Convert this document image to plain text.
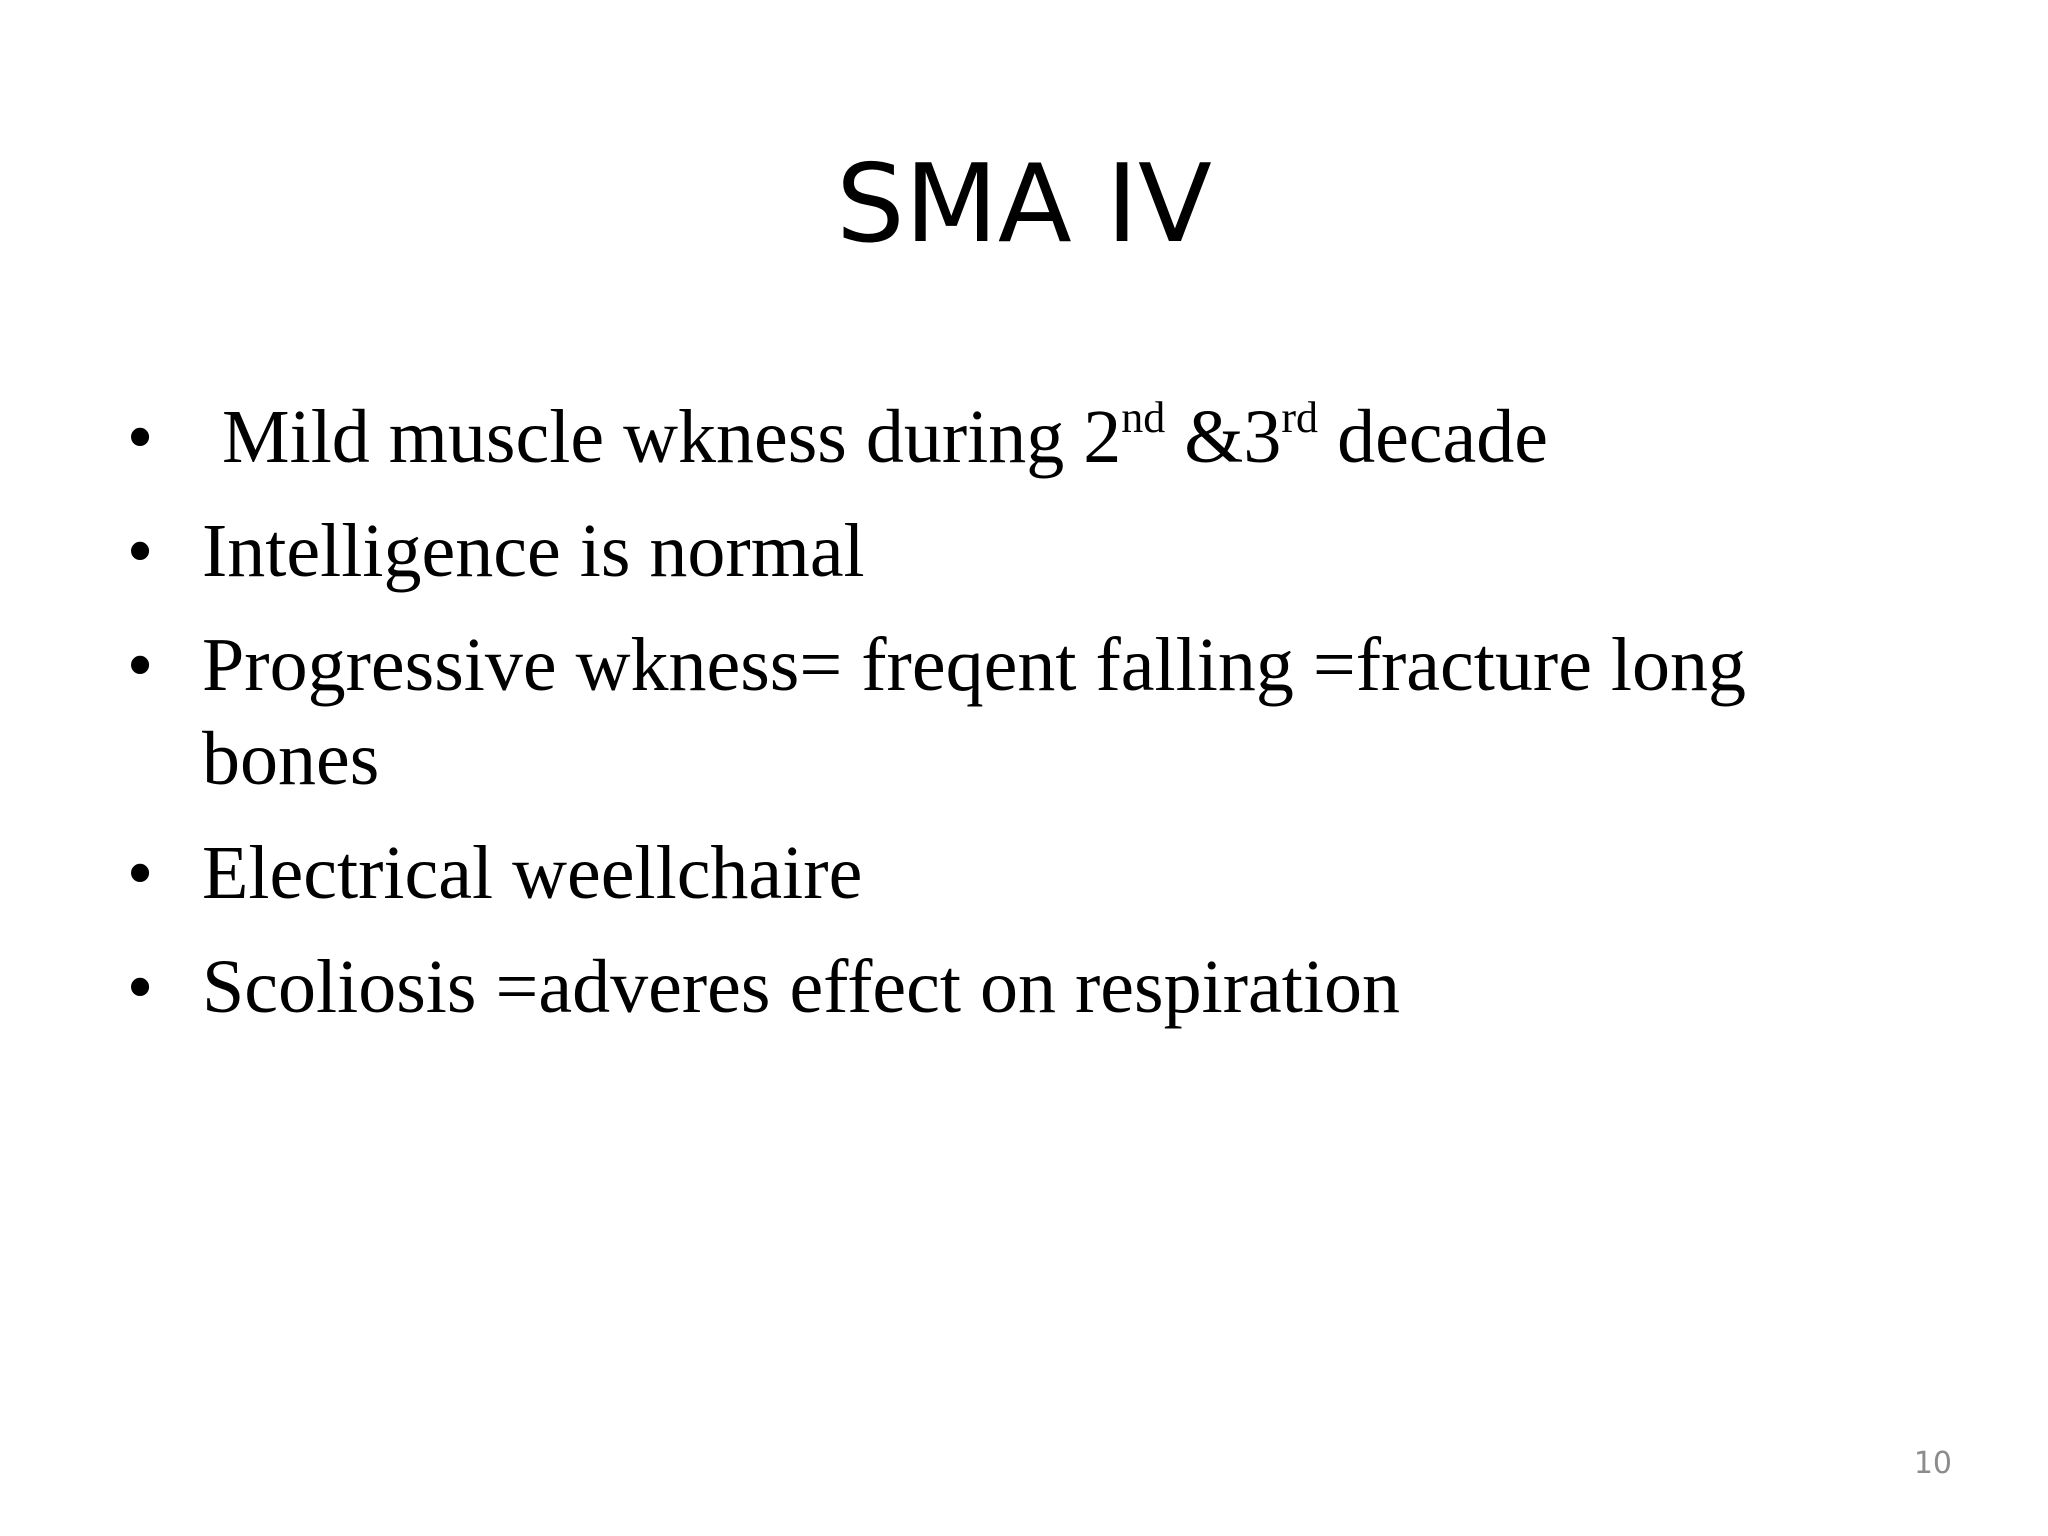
SMA IV
• Mild muscle wkness during 2nd &3rd decade
• Intelligence is normal
• Progressive wkness= freqent falling =fracture long bones
• Electrical weellchaire
• Scoliosis =adveres effect on respiration
10
